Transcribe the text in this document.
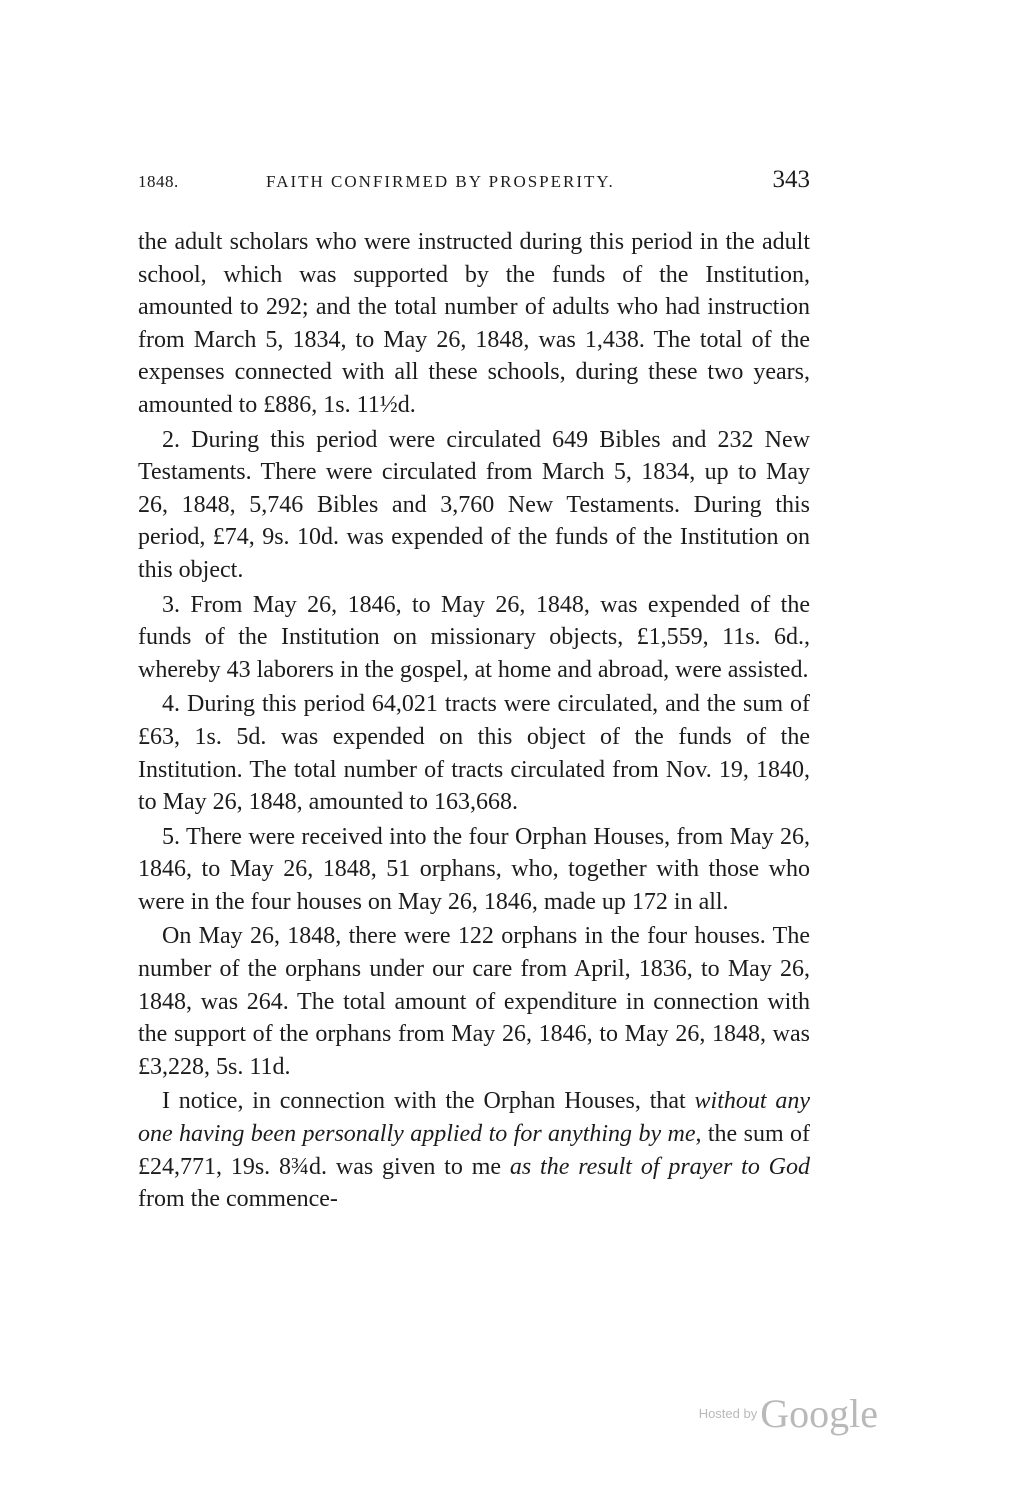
1848.	FAITH CONFIRMED BY PROSPERITY.	343

the adult scholars who were instructed during this period in the adult school, which was supported by the funds of the Institution, amounted to 292; and the total number of adults who had instruction from March 5, 1834, to May 26, 1848, was 1,438. The total of the expenses connected with all these schools, during these two years, amounted to £886, 1s. 11½d.

2. During this period were circulated 649 Bibles and 232 New Testaments. There were circulated from March 5, 1834, up to May 26, 1848, 5,746 Bibles and 3,760 New Testaments. During this period, £74, 9s. 10d. was expended of the funds of the Institution on this object.

3. From May 26, 1846, to May 26, 1848, was expended of the funds of the Institution on missionary objects, £1,559, 11s. 6d., whereby 43 laborers in the gospel, at home and abroad, were assisted.

4. During this period 64,021 tracts were circulated, and the sum of £63, 1s. 5d. was expended on this object of the funds of the Institution. The total number of tracts circulated from Nov. 19, 1840, to May 26, 1848, amounted to 163,668.

5. There were received into the four Orphan Houses, from May 26, 1846, to May 26, 1848, 51 orphans, who, together with those who were in the four houses on May 26, 1846, made up 172 in all.

On May 26, 1848, there were 122 orphans in the four houses. The number of the orphans under our care from April, 1836, to May 26, 1848, was 264. The total amount of expenditure in connection with the support of the orphans from May 26, 1846, to May 26, 1848, was £3,228, 5s. 11d.

I notice, in connection with the Orphan Houses, that without any one having been personally applied to for anything by me, the sum of £24,771, 19s. 8¾d. was given to me as the result of prayer to God from the commence-

Hosted byGoogle
